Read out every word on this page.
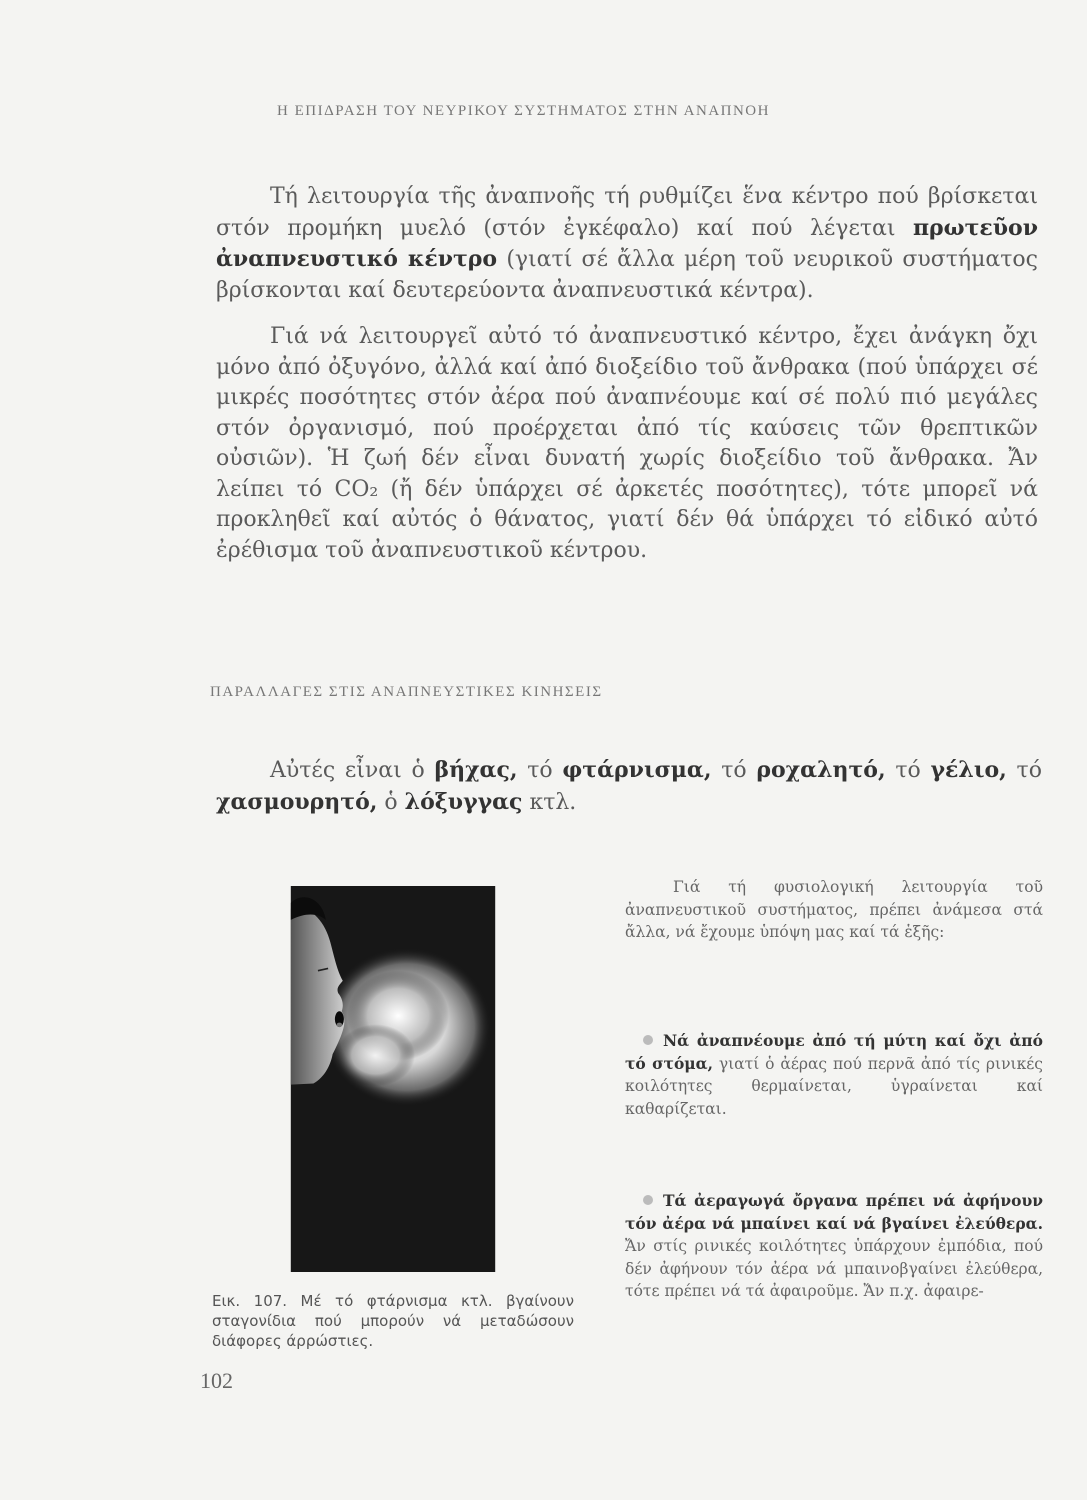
Η ΕΠΙΔΡΑΣΗ ΤΟΥ ΝΕΥΡΙΚΟΥ ΣΥΣΤΗΜΑΤΟΣ ΣΤΗΝ ΑΝΑΠΝΟΗ
Τή λειτουργία τῆς ἀναπνοῆς τή ρυθμίζει ἕνα κέντρο πού βρίσκεται στόν προμήκη μυελό (στόν ἐγκέφαλο) καί πού λέγεται πρωτεῦον ἀναπνευστικό κέντρο (γιατί σέ ἄλλα μέρη τοῦ νευρικοῦ συστήματος βρίσκονται καί δευτερεύοντα ἀναπνευστικά κέντρα).
Γιά νά λειτουργεῖ αὐτό τό ἀναπνευστικό κέντρο, ἔχει ἀνάγκη ὄχι μόνο ἀπό ὀξυγόνο, ἀλλά καί ἀπό διοξείδιο τοῦ ἄνθρακα (πού ὑπάρχει σέ μικρές ποσότητες στόν ἀέρα πού ἀναπνέουμε καί σέ πολύ πιό μεγάλες στόν ὀργανισμό, πού προέρχεται ἀπό τίς καύσεις τῶν θρεπτικῶν οὐσιῶν). Ἡ ζωή δέν εἶναι δυνατή χωρίς διοξείδιο τοῦ ἄνθρακα. Ἄν λείπει τό CO₂ (ἤ δέν ὑπάρχει σέ ἀρκετές ποσότητες), τότε μπορεῖ νά προκληθεῖ καί αὐτός ὁ θάνατος, γιατί δέν θά ὑπάρχει τό εἰδικό αὐτό ἐρέθισμα τοῦ ἀναπνευστικοῦ κέντρου.
ΠΑΡΑΛΛΑΓΕΣ ΣΤΙΣ ΑΝΑΠΝΕΥΣΤΙΚΕΣ ΚΙΝΗΣΕΙΣ
Αὐτές εἶναι ὁ βήχας, τό φτάρνισμα, τό ροχαλητό, τό γέλιο, τό χασμουρητό, ὁ λόξυγγας κτλ.
Εικ. 107. Μέ τό φτάρνισμα κτλ. βγαίνουν σταγονίδια πού μπορούν νά μεταδώσουν διάφορες άρρώστιες.
Γιά τή φυσιολογική λειτουργία τοῦ ἀναπνευστικοῦ συστήματος, πρέπει ἀνάμεσα στά ἄλλα, νά ἔχουμε ὑπόψη μας καί τά ἑξῆς:
Νά ἀναπνέουμε ἀπό τή μύτη καί ὄχι ἀπό τό στόμα, γιατί ὁ ἀέρας πού περνᾶ ἀπό τίς ρινικές κοιλότητες θερμαίνεται, ὑγραίνεται καί καθαρίζεται.
Τά ἀεραγωγά ὄργανα πρέπει νά ἀφήνουν τόν ἀέρα νά μπαίνει καί νά βγαίνει ἐλεύθερα. Ἄν στίς ρινικές κοιλότητες ὑπάρχουν ἐμπόδια, πού δέν ἀφήνουν τόν ἀέρα νά μπαινοβγαίνει ἐλεύθερα, τότε πρέπει νά τά ἀφαιροῦμε. Ἄν π.χ. ἀφαιρε-
102
